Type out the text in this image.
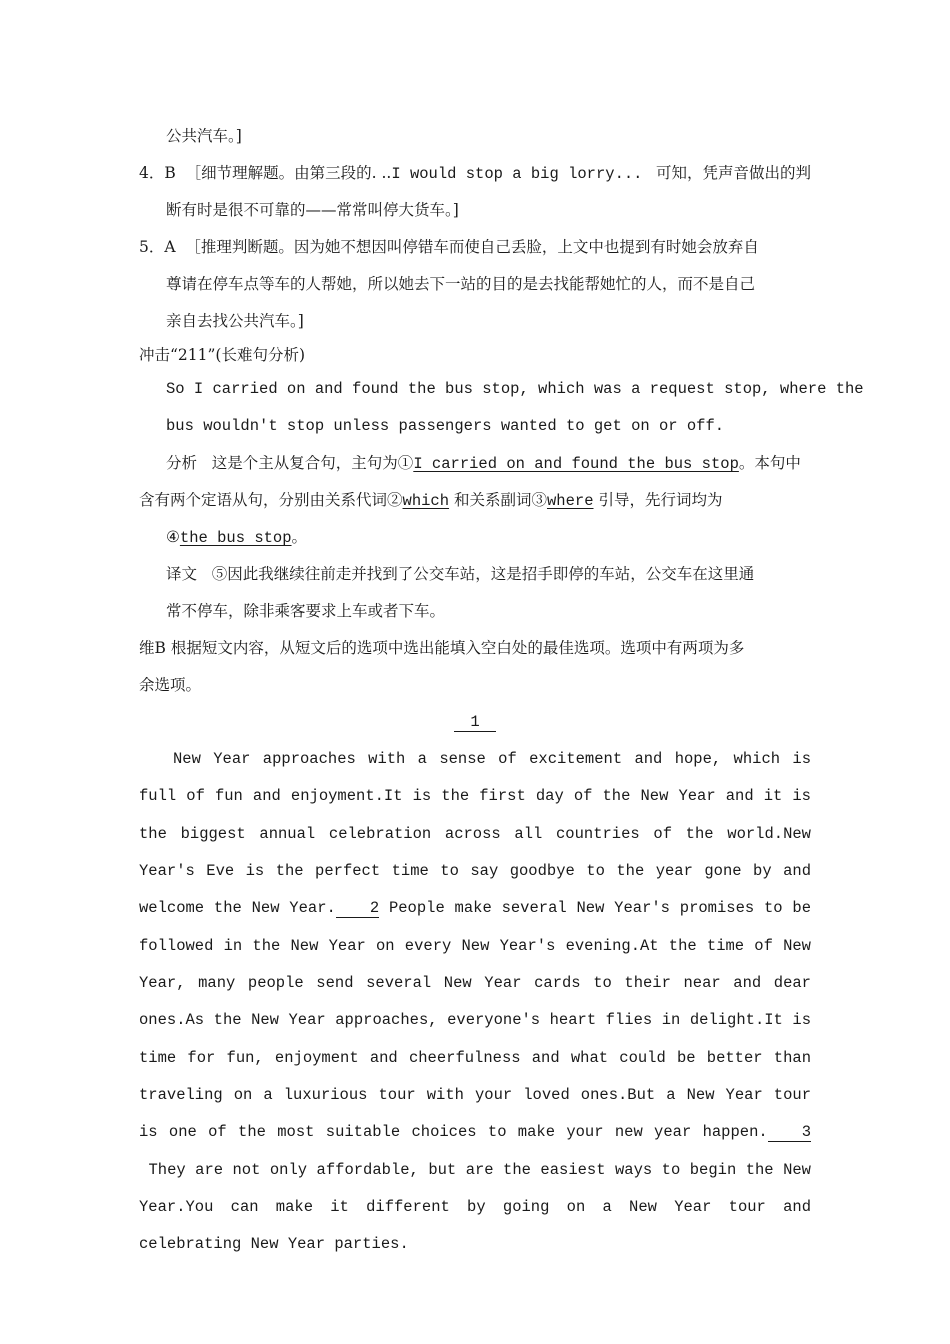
公共汽车。]
4．B ［细节理解题。由第三段的. ..I would stop a big lorry... 可知，凭声音做出的判
断有时是很不可靠的——常常叫停大货车。]
5．A ［推理判断题。因为她不想因叫停错车而使自己丢脸，上文中也提到有时她会放弃自
尊请在停车点等车的人帮她，所以她去下一站的目的是去找能帮她忙的人，而不是自己
亲自去找公共汽车。]
冲击“211”(长难句分析)
So I carried on and found the bus stop, which was a request stop, where the
bus wouldn't stop unless passengers wanted to get on or off.
分析 这是个主从复合句，主句为①I carried on and found the bus stop。本句中
含有两个定语从句，分别由关系代词②which 和关系副词③where 引导，先行词均为
④the bus stop。
译文 ⑤因此我继续往前走并找到了公交车站，这是招手即停的车站，公交车在这里通
常不停车，除非乘客要求上车或者下车。
维B 根据短文内容，从短文后的选项中选出能填入空白处的最佳选项。选项中有两项为多
余选项。
1

New Year approaches with a sense of excitement and hope, which is full of fun and enjoyment.It is the first day of the New Year and it is the biggest annual celebration across all countries of the world.New Year's Eve is the perfect time to say goodbye to the year gone by and welcome the New Year. 2 People make several New Year's promises to be followed in the New Year on every New Year's evening.At the time of New Year, many people send several New Year cards to their near and dear ones.As the New Year approaches, everyone's heart flies in delight.It is time for fun, enjoyment and cheerfulness and what could be better than traveling on a luxurious tour with your loved ones.But a New Year tour is one of the most suitable choices to make your new year happen. 3 They are not only affordable, but are the easiest ways to begin the New Year.You can make it different by going on a New Year tour and celebrating New Year parties.
